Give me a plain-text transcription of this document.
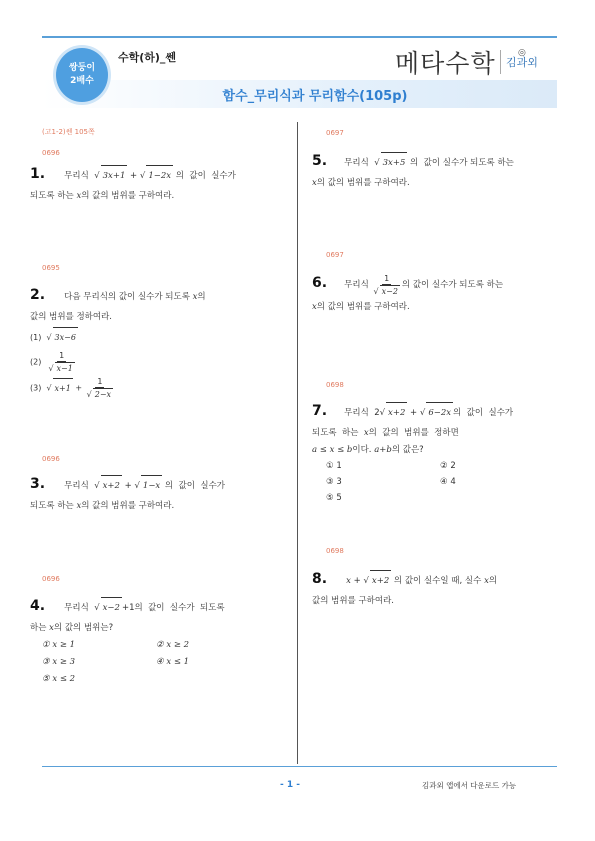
쌍둥이
2배수
수학(하)_쎈	메타수학	◎
김과외
함수_무리식과 무리함수(105p)
(고1-2)쎈 105쪽
0696
1. 무리식  √ 3x+1 + √ 1−2x 의  값이  실수가
되도록 하는 x의 값의 범위를 구하여라.
0695
2. 다음 무리식의 값이 실수가 되도록 x의
값의 범위를 정하여라.
(1) √ 3x−6
$(2) \frac{1}{√ x-1}$
(3) √ $x+1 + \frac{1}{√ 2-x}$
0696
3. 무리식  √ x+2 + √ 1−x 의  값이  실수가
되도록 하는 x의 값의 범위를 구하여라.
0696
4. 무리식  √ x−2 +1의  값이  실수가  되도록
하는 x의 값의 범위는?
① x ≥ 1	② x ≥ 2
③ x ≥ 3	④ x ≤ 1
⑤ x ≤ 2
0697
5. 무리식  √ 3x+5 의  값이 실수가 되도록 하는
x의 값의 범위를 구하여라.
0697
6. 무리식 $\frac{1}{√ x-2}$ 의 값이 실수가 되도록 하는
x의 값의 범위를 구하여라.
0698
7. 무리식  2√ x+2 + √ 6−2x 의  값이  실수가
되도록  하는  x의  값의  범위를  정하면
a ≤ x ≤ b이다. a+b의 값은?
① 1	② 2
③ 3	④ 4
⑤ 5
0698
8. x + √ x+2 의 값이 실수일 때, 실수 x의
값의 범위를 구하여라.
- 1 -	김과외 앱에서 다운로드 가능
